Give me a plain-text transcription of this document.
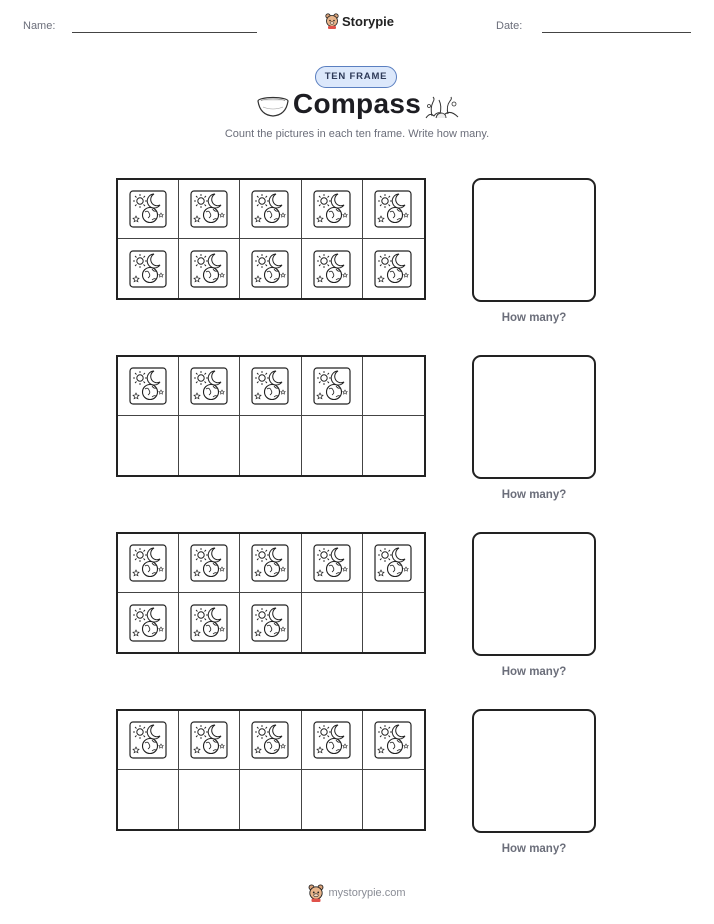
Name:	Storypie	Date:
TEN FRAME
Compass
Count the pictures in each ten frame. Write how many.
How many?
How many?
How many?
How many?
mystorypie.com
